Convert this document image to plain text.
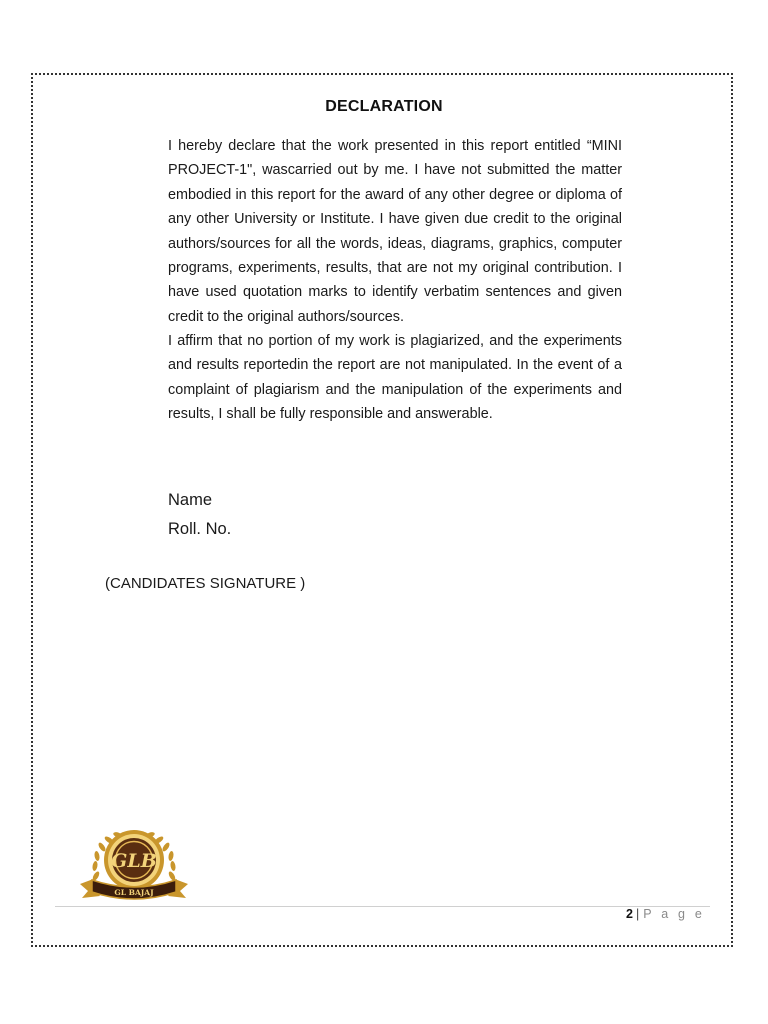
DECLARATION
I hereby declare that the work presented in this report entitled “MINI PROJECT-1", wascarried out by me. I have not submitted the matter embodied in this report for the award of any other degree or diploma of any other University or Institute. I have given due credit to the original authors/sources for all the words, ideas, diagrams, graphics, computer programs, experiments, results, that are not my original contribution. I have used quotation marks to identify verbatim sentences and given credit to the original authors/sources.
I affirm that no portion of my work is plagiarized, and the experiments and results reportedin the report are not manipulated. In the event of a complaint of plagiarism and the manipulation of the experiments and results, I shall be fully responsible and answerable.
Name
Roll. No.
(CANDIDATES SIGNATURE )
GLB
GL BAJAJ
2 | P a g e
